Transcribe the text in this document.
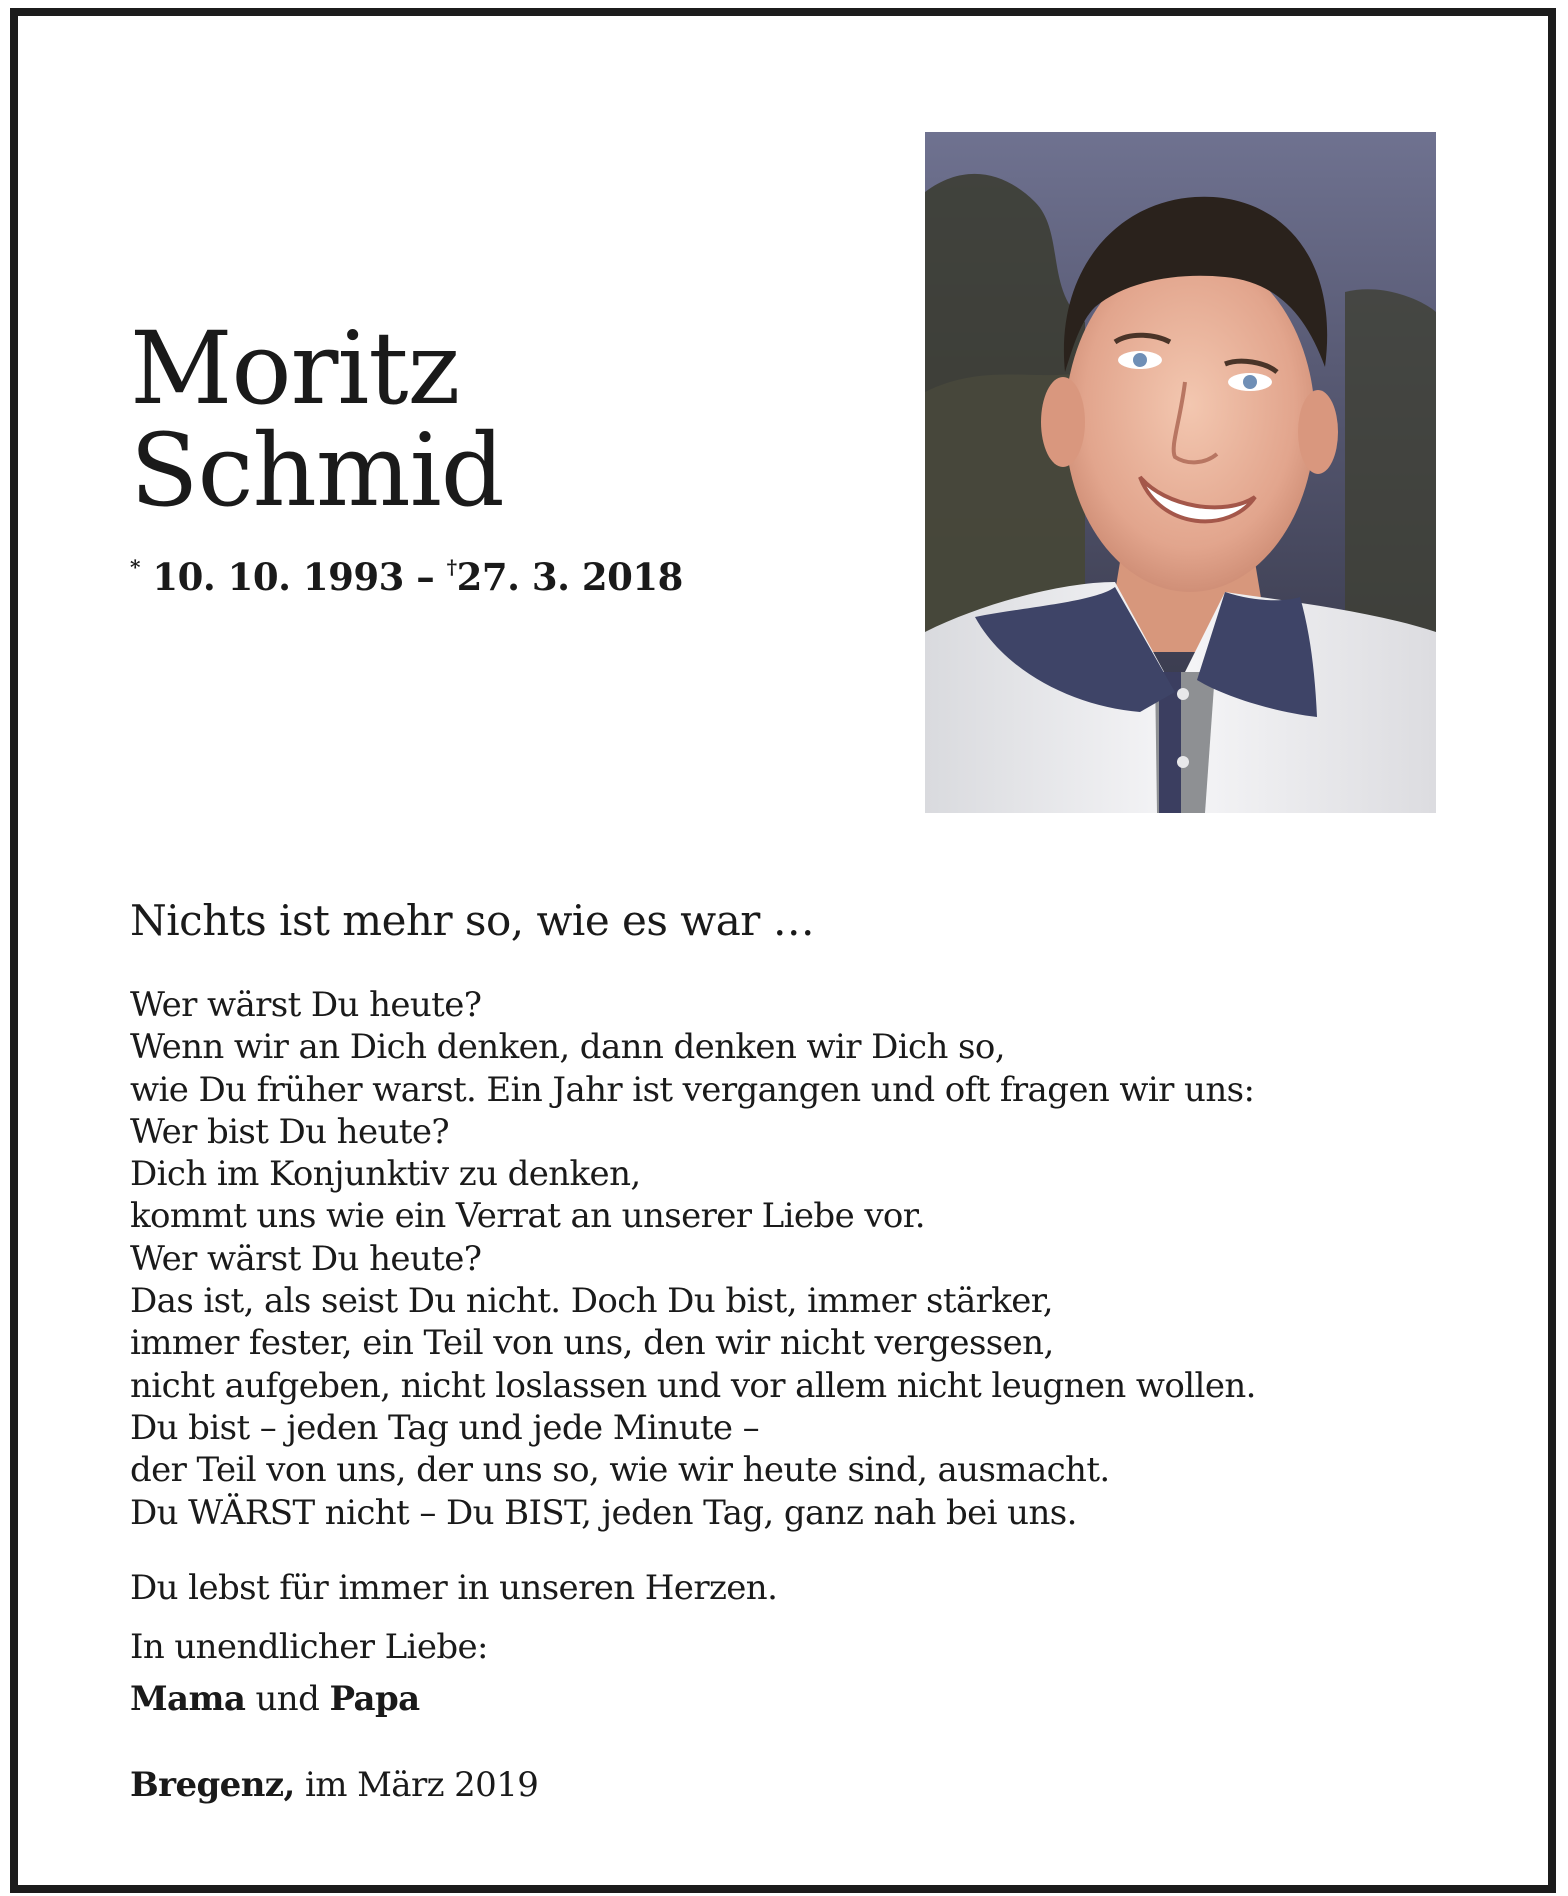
Moritz
Schmid
* 10. 10. 1993 – †27. 3. 2018
Nichts ist mehr so, wie es war …
Wer wärst Du heute?
Wenn wir an Dich denken, dann denken wir Dich so,
wie Du früher warst. Ein Jahr ist vergangen und oft fragen wir uns:
Wer bist Du heute?
Dich im Konjunktiv zu denken,
kommt uns wie ein Verrat an unserer Liebe vor.
Wer wärst Du heute?
Das ist, als seist Du nicht. Doch Du bist, immer stärker,
immer fester, ein Teil von uns, den wir nicht vergessen,
nicht aufgeben, nicht loslassen und vor allem nicht leugnen wollen.
Du bist – jeden Tag und jede Minute –
der Teil von uns, der uns so, wie wir heute sind, ausmacht.
Du WÄRST nicht – Du BIST, jeden Tag, ganz nah bei uns.
Du lebst für immer in unseren Herzen.
In unendlicher Liebe:
Mama und Papa
Bregenz, im März 2019
